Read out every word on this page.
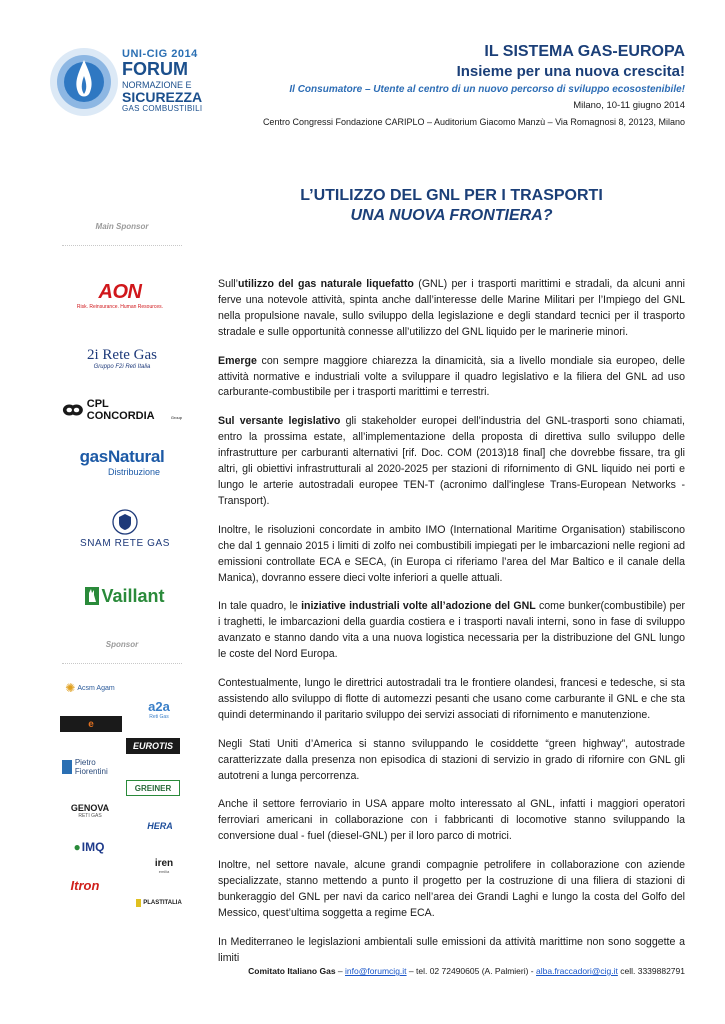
UNI-CIG 2014
FORUM
NORMAZIONE E
SICUREZZA
GAS COMBUSTIBILI
IL SISTEMA GAS-EUROPA
Insieme per una nuova crescita!
Il Consumatore – Utente al centro di un nuovo percorso di sviluppo ecosostenibile!
Milano, 10-11 giugno 2014
Centro Congressi Fondazione CARIPLO – Auditorium Giacomo Manzù – Via Romagnosi 8, 20123, Milano
Main Sponsor
AON
Risk. Reinsurance. Human Resources.
2i Rete Gas
Gruppo F2i Reti Italia
CPL CONCORDIA	Group
gasNatural
Distribuzione
SNAM RETE GAS
Vaillant
Sponsor
✺ Acsm Agam
a2a
Reti Gas
e
EUROTIS
Pietro Fiorentini
GREINER
GENOVA
RETI GAS
HERA
● IMQ
iren
emilia
Itron
PLASTITALIA
L’UTILIZZO DEL GNL PER I TRASPORTI
UNA NUOVA FRONTIERA?

Sull’utilizzo del gas naturale liquefatto (GNL) per i trasporti marittimi e stradali, da alcuni anni ferve una notevole attività, spinta anche dall’interesse delle Marine Militari per l’Impiego del GNL nella propulsione navale, sullo sviluppo della legislazione e degli standard tecnici per il trasporto stradale e sulle opportunità connesse all’utilizzo del GNL liquido per le marinerie minori.

Emerge con sempre maggiore chiarezza la dinamicità, sia a livello mondiale sia europeo, delle attività normative e industriali volte a sviluppare il quadro legislativo e la filiera del GNL ad uso carburante-combustibile per i trasporti marittimi e terrestri.

Sul versante legislativo gli stakeholder europei dell’industria del GNL-trasporti sono chiamati, entro la prossima estate, all’implementazione della proposta di direttiva sullo sviluppo delle infrastrutture per carburanti alternativi [rif. Doc. COM (2013)18 final] che dovrebbe fissare, tra gli altri, gli obiettivi infrastrutturali al 2020-2025 per stazioni di rifornimento di GNL liquido nei porti e lungo le arterie autostradali europee TEN-T (acronimo dall'inglese Trans-European Networks -Transport).

Inoltre, le risoluzioni concordate in ambito IMO (International Maritime Organisation) stabiliscono che dal 1 gennaio 2015 i limiti di zolfo nei combustibili impiegati per le imbarcazioni nelle regioni ad emissioni controllate ECA e SECA, (in Europa ci riferiamo l’area del Mar Baltico e il canale della Manica), dovranno essere dieci volte inferiori a quelle attuali.

In tale quadro, le iniziative industriali volte all’adozione del GNL come bunker(combustibile) per i traghetti, le imbarcazioni della guardia costiera e i trasporti navali interni, sono in fase di sviluppo avanzato e stanno dando vita a una nuova logistica necessaria per la distribuzione del GNL lungo le coste del Nord Europa.

Contestualmente, lungo le direttrici autostradali tra le frontiere olandesi, francesi e tedesche, si sta assistendo allo sviluppo di flotte di automezzi pesanti che usano come carburante il GNL e che sta quindi determinando il paritario sviluppo dei servizi associati di rifornimento e manutenzione.

Negli Stati Uniti d’America si stanno sviluppando le cosiddette “green highway”, autostrade caratterizzate dalla presenza non episodica di stazioni di servizio in grado di rifornire con GNL gli autotreni a lunga percorrenza.

Anche il settore ferroviario in USA appare molto interessato al GNL, infatti i maggiori operatori ferroviari americani in collaborazione con i fabbricanti di locomotive stanno sviluppando la conversione dual - fuel (diesel-GNL) per il loro parco di motrici.

Inoltre, nel settore navale, alcune grandi compagnie petrolifere in collaborazione con aziende specializzate, stanno mettendo a punto il progetto per la costruzione di una filiera di stazioni di bunkeraggio del GNL per navi da carico nell’area dei Grandi Laghi e lungo la costa del Golfo del Messico, quest’ultima soggetta a regime ECA.

In Mediterraneo le legislazioni ambientali sulle emissioni da attività marittime non sono soggette a limiti

Comitato Italiano Gas – info@forumcig.it – tel. 02 72490605 (A. Palmieri) - alba.fraccadori@cig.it cell. 3339882791
